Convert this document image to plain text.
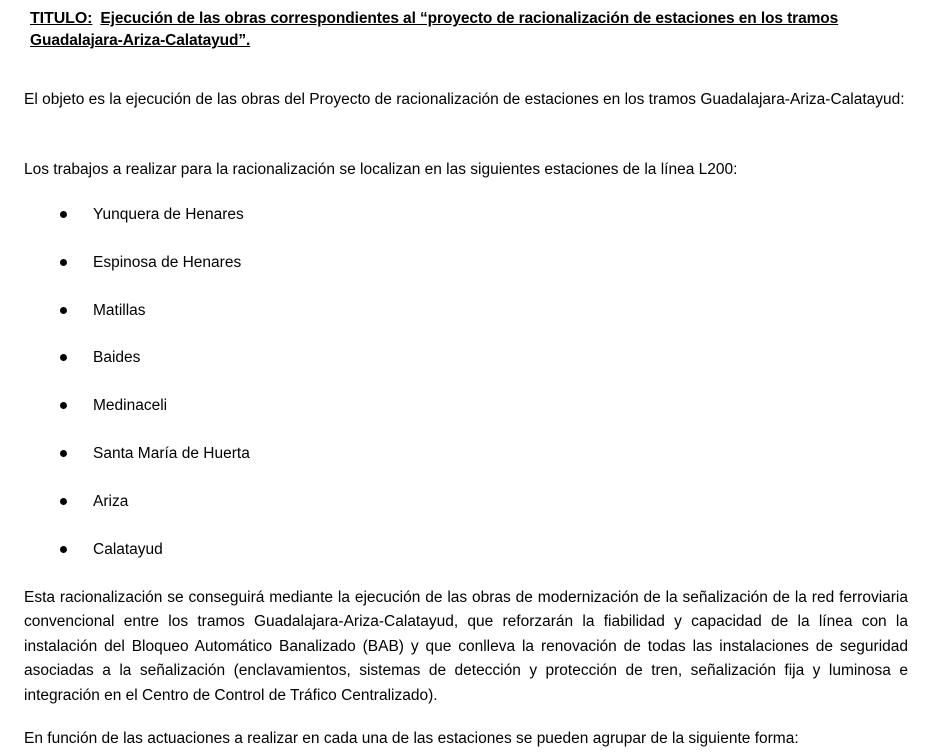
TITULO: Ejecución de las obras correspondientes al “proyecto de racionalización de estaciones en los tramos Guadalajara-Ariza-Calatayud”.
El objeto es la ejecución de las obras del Proyecto de racionalización de estaciones en los tramos Guadalajara-Ariza-Calatayud:
Los trabajos a realizar para la racionalización se localizan en las siguientes estaciones de la línea L200:
Yunquera de Henares
Espinosa de Henares
Matillas
Baides
Medinaceli
Santa María de Huerta
Ariza
Calatayud
Esta racionalización se conseguirá mediante la ejecución de las obras de modernización de la señalización de la red ferroviaria convencional entre los tramos Guadalajara-Ariza-Calatayud, que reforzarán la fiabilidad y capacidad de la línea con la instalación del Bloqueo Automático Banalizado (BAB) y que conlleva la renovación de todas las instalaciones de seguridad asociadas a la señalización (enclavamientos, sistemas de detección y protección de tren, señalización fija y luminosa e integración en el Centro de Control de Tráfico Centralizado).
En función de las actuaciones a realizar en cada una de las estaciones se pueden agrupar de la siguiente forma:
